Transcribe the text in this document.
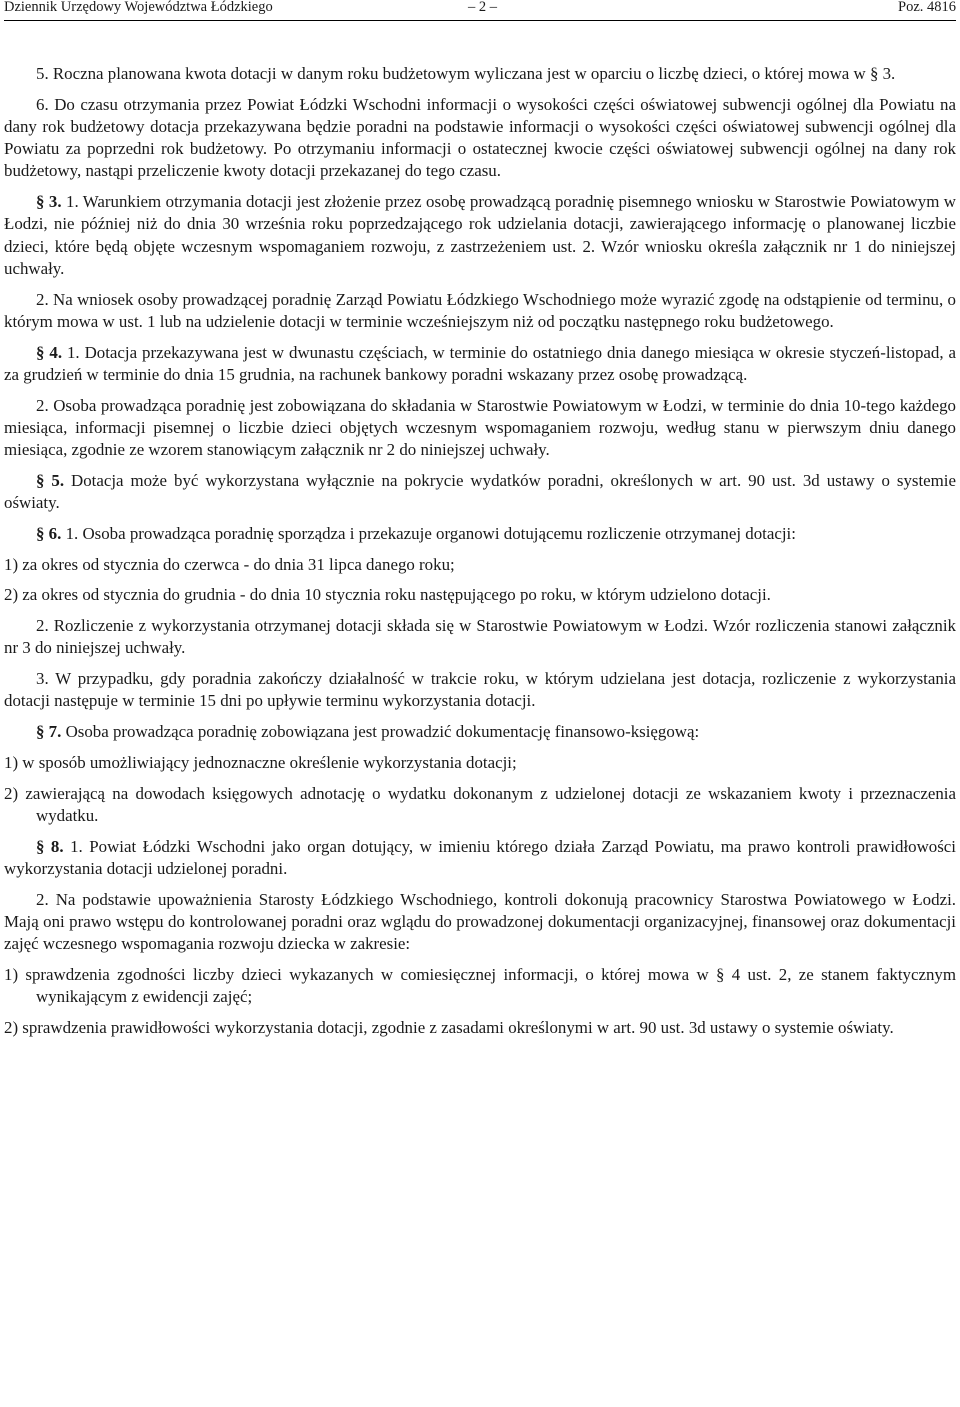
Dziennik Urzędowy Województwa Łódzkiego	– 2 –	Poz. 4816

5. Roczna planowana kwota dotacji w danym roku budżetowym wyliczana jest w oparciu o liczbę dzieci, o której mowa w § 3.

6. Do czasu otrzymania przez Powiat Łódzki Wschodni informacji o wysokości części oświatowej subwencji ogólnej dla Powiatu na dany rok budżetowy dotacja przekazywana będzie poradni na podstawie informacji o wysokości części oświatowej subwencji ogólnej dla Powiatu za poprzedni rok budżetowy. Po otrzymaniu informacji o ostatecznej kwocie części oświatowej subwencji ogólnej na dany rok budżetowy, nastąpi przeliczenie kwoty dotacji przekazanej do tego czasu.

§ 3. 1. Warunkiem otrzymania dotacji jest złożenie przez osobę prowadzącą poradnię pisemnego wniosku w Starostwie Powiatowym w Łodzi, nie później niż do dnia 30 września roku poprzedzającego rok udzielania dotacji, zawierającego informację o planowanej liczbie dzieci, które będą objęte wczesnym wspomaganiem rozwoju, z zastrzeżeniem ust. 2. Wzór wniosku określa załącznik nr 1 do niniejszej uchwały.

2. Na wniosek osoby prowadzącej poradnię Zarząd Powiatu Łódzkiego Wschodniego może wyrazić zgodę na odstąpienie od terminu, o którym mowa w ust. 1 lub na udzielenie dotacji w terminie wcześniejszym niż od początku następnego roku budżetowego.

§ 4. 1. Dotacja przekazywana jest w dwunastu częściach, w terminie do ostatniego dnia danego miesiąca w okresie styczeń-listopad, a za grudzień w terminie do dnia 15 grudnia, na rachunek bankowy poradni wskazany przez osobę prowadzącą.

2. Osoba prowadząca poradnię jest zobowiązana do składania w Starostwie Powiatowym w Łodzi, w terminie do dnia 10-tego każdego miesiąca, informacji pisemnej o liczbie dzieci objętych wczesnym wspomaganiem rozwoju, według stanu w pierwszym dniu danego miesiąca, zgodnie ze wzorem stanowiącym załącznik nr 2 do niniejszej uchwały.

§ 5. Dotacja może być wykorzystana wyłącznie na pokrycie wydatków poradni, określonych w art. 90 ust. 3d ustawy o systemie oświaty.

§ 6. 1. Osoba prowadząca poradnię sporządza i przekazuje organowi dotującemu rozliczenie otrzymanej dotacji:

1) za okres od stycznia do czerwca - do dnia 31 lipca danego roku;

2) za okres od stycznia do grudnia - do dnia 10 stycznia roku następującego po roku, w którym udzielono dotacji.

2. Rozliczenie z wykorzystania otrzymanej dotacji składa się w Starostwie Powiatowym w Łodzi. Wzór rozliczenia stanowi załącznik nr 3 do niniejszej uchwały.

3. W przypadku, gdy poradnia zakończy działalność w trakcie roku, w którym udzielana jest dotacja, rozliczenie z wykorzystania dotacji następuje w terminie 15 dni po upływie terminu wykorzystania dotacji.

§ 7. Osoba prowadząca poradnię zobowiązana jest prowadzić dokumentację finansowo-księgową:

1) w sposób umożliwiający jednoznaczne określenie wykorzystania dotacji;

2) zawierającą na dowodach księgowych adnotację o wydatku dokonanym z udzielonej dotacji ze wskazaniem kwoty i przeznaczenia wydatku.

§ 8. 1. Powiat Łódzki Wschodni jako organ dotujący, w imieniu którego działa Zarząd Powiatu, ma prawo kontroli prawidłowości wykorzystania dotacji udzielonej poradni.

2. Na podstawie upoważnienia Starosty Łódzkiego Wschodniego, kontroli dokonują pracownicy Starostwa Powiatowego w Łodzi. Mają oni prawo wstępu do kontrolowanej poradni oraz wglądu do prowadzonej dokumentacji organizacyjnej, finansowej oraz dokumentacji zajęć wczesnego wspomagania rozwoju dziecka w zakresie:

1) sprawdzenia zgodności liczby dzieci wykazanych w comiesięcznej informacji, o której mowa w § 4 ust. 2, ze stanem faktycznym wynikającym z ewidencji zajęć;

2) sprawdzenia prawidłowości wykorzystania dotacji, zgodnie z zasadami określonymi w art. 90 ust. 3d ustawy o systemie oświaty.
